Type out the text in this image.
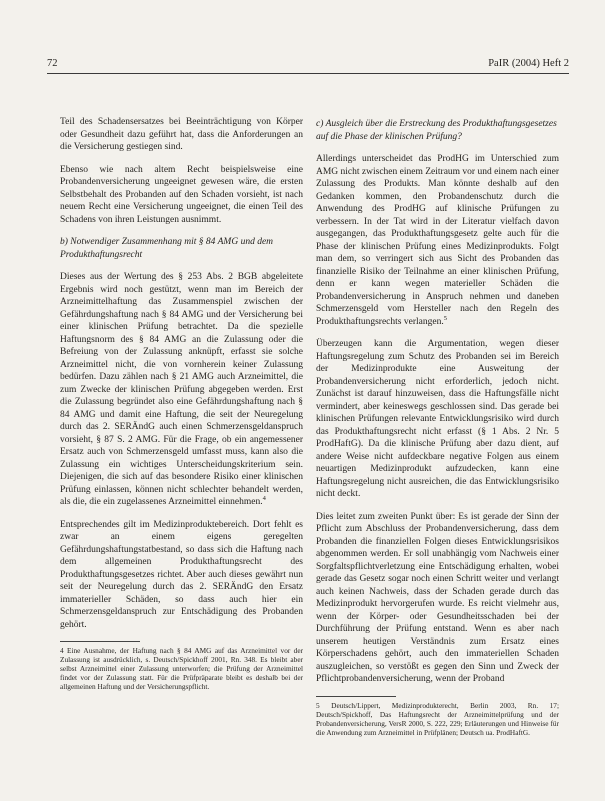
72	PaIR (2004) Heft 2

Teil des Schadensersatzes bei Beeinträchtigung von Körper oder Gesundheit dazu geführt hat, dass die Anforderungen an die Versicherung gestiegen sind.

Ebenso wie nach altem Recht beispielsweise eine Probandenversicherung ungeeignet gewesen wäre, die ersten Selbstbehalt des Probanden auf den Schaden vorsieht, ist nach neuem Recht eine Versicherung ungeeignet, die einen Teil des Schadens von ihren Leistungen ausnimmt.

b) Notwendiger Zusammenhang mit § 84 AMG und dem Produkthaftungsrecht

Dieses aus der Wertung des § 253 Abs. 2 BGB abgeleitete Ergebnis wird noch gestützt, wenn man im Bereich der Arzneimittelhaftung das Zusammenspiel zwischen der Gefährdungshaftung nach § 84 AMG und der Versicherung bei einer klinischen Prüfung betrachtet. Da die spezielle Haftungsnorm des § 84 AMG an die Zulassung oder die Befreiung von der Zulassung anknüpft, erfasst sie solche Arzneimittel nicht, die von vornherein keiner Zulassung bedürfen. Dazu zählen nach § 21 AMG auch Arzneimittel, die zum Zwecke der klinischen Prüfung abgegeben werden. Erst die Zulassung begründet also eine Gefährdungshaftung nach § 84 AMG und damit eine Haftung, die seit der Neuregelung durch das 2. SERÄndG auch einen Schmerzensgeldanspruch vorsieht, § 87 S. 2 AMG. Für die Frage, ob ein angemessener Ersatz auch von Schmerzensgeld umfasst muss, kann also die Zulassung ein wichtiges Unterscheidungskriterium sein. Diejenigen, die sich auf das besondere Risiko einer klinischen Prüfung einlassen, können nicht schlechter behandelt werden, als die, die ein zugelassenes Arzneimittel einnehmen.$^4$

Entsprechendes gilt im Medizinproduktebereich. Dort fehlt es zwar an einem eigens geregelten Gefährdungshaftungstatbestand, so dass sich die Haftung nach dem allgemeinen Produkthaftungsrecht des Produkthaftungsgesetzes richtet. Aber auch dieses gewährt nun seit der Neuregelung durch das 2. SERÄndG den Ersatz immaterieller Schäden, so dass auch hier ein Schmerzensgeldanspruch zur Entschädigung des Probanden gehört.

4 Eine Ausnahme, der Haftung nach § 84 AMG auf das Arzneimittel vor der Zulassung ist ausdrücklich, s. Deutsch/Spickhoff 2001, Rn. 348. Es bleibt aber selbst Arzneimittel einer Zulassung unterworfen; die Prüfung der Arzneimittel findet vor der Zulassung statt. Für die Prüfpräparate bleibt es deshalb bei der allgemeinen Haftung und der Versicherungspflicht.

c) Ausgleich über die Erstreckung des Produkthaftungsgesetzes auf die Phase der klinischen Prüfung?

Allerdings unterscheidet das ProdHG im Unterschied zum AMG nicht zwischen einem Zeitraum vor und einem nach einer Zulassung des Produkts. Man könnte deshalb auf den Gedanken kommen, den Probandenschutz durch die Anwendung des ProdHG auf klinische Prüfungen zu verbessern. In der Tat wird in der Literatur vielfach davon ausgegangen, das Produkthaftungsgesetz gelte auch für die Phase der klinischen Prüfung eines Medizinprodukts. Folgt man dem, so verringert sich aus Sicht des Probanden das finanzielle Risiko der Teilnahme an einer klinischen Prüfung, denn er kann wegen materieller Schäden die Probandenversicherung in Anspruch nehmen und daneben Schmerzensgeld vom Hersteller nach den Regeln des Produkthaftungsrechts verlangen.$^5$

Überzeugen kann die Argumentation, wegen dieser Haftungsregelung zum Schutz des Probanden sei im Bereich der Medizinprodukte eine Ausweitung der Probandenversicherung nicht erforderlich, jedoch nicht. Zunächst ist darauf hinzuweisen, dass die Haftungsfälle nicht vermindert, aber keineswegs geschlossen sind. Das gerade bei klinischen Prüfungen relevante Entwicklungsrisiko wird durch das Produkthaftungsrecht nicht erfasst (§ 1 Abs. 2 Nr. 5 ProdHaftG). Da die klinische Prüfung aber dazu dient, auf andere Weise nicht aufdeckbare negative Folgen aus einem neuartigen Medizinprodukt aufzudecken, kann eine Haftungsregelung nicht ausreichen, die das Entwicklungsrisiko nicht deckt.

Dies leitet zum zweiten Punkt über: Es ist gerade der Sinn der Pflicht zum Abschluss der Probandenversicherung, dass dem Probanden die finanziellen Folgen dieses Entwicklungsrisikos abgenommen werden. Er soll unabhängig vom Nachweis einer Sorgfaltspflichtverletzung eine Entschädigung erhalten, wobei gerade das Gesetz sogar noch einen Schritt weiter und verlangt auch keinen Nachweis, dass der Schaden gerade durch das Medizinprodukt hervorgerufen wurde. Es reicht vielmehr aus, wenn der Körper- oder Gesundheitsschaden bei der Durchführung der Prüfung entstand. Wenn es aber nach unserem heutigen Verständnis zum Ersatz eines Körperschadens gehört, auch den immateriellen Schaden auszugleichen, so verstößt es gegen den Sinn und Zweck der Pflichtprobandenversicherung, wenn der Proband

5 Deutsch/Lippert, Medizinprodukterecht, Berlin 2003, Rn. 17; Deutsch/Spickhoff, Das Haftungsrecht der Arzneimittelprüfung und der Probandenversicherung, VersR 2000, S. 222, 229; Erläuterungen und Hinweise für die Anwendung zum Arzneimittel in Prüfplänen; Deutsch ua. ProdHaftG.
